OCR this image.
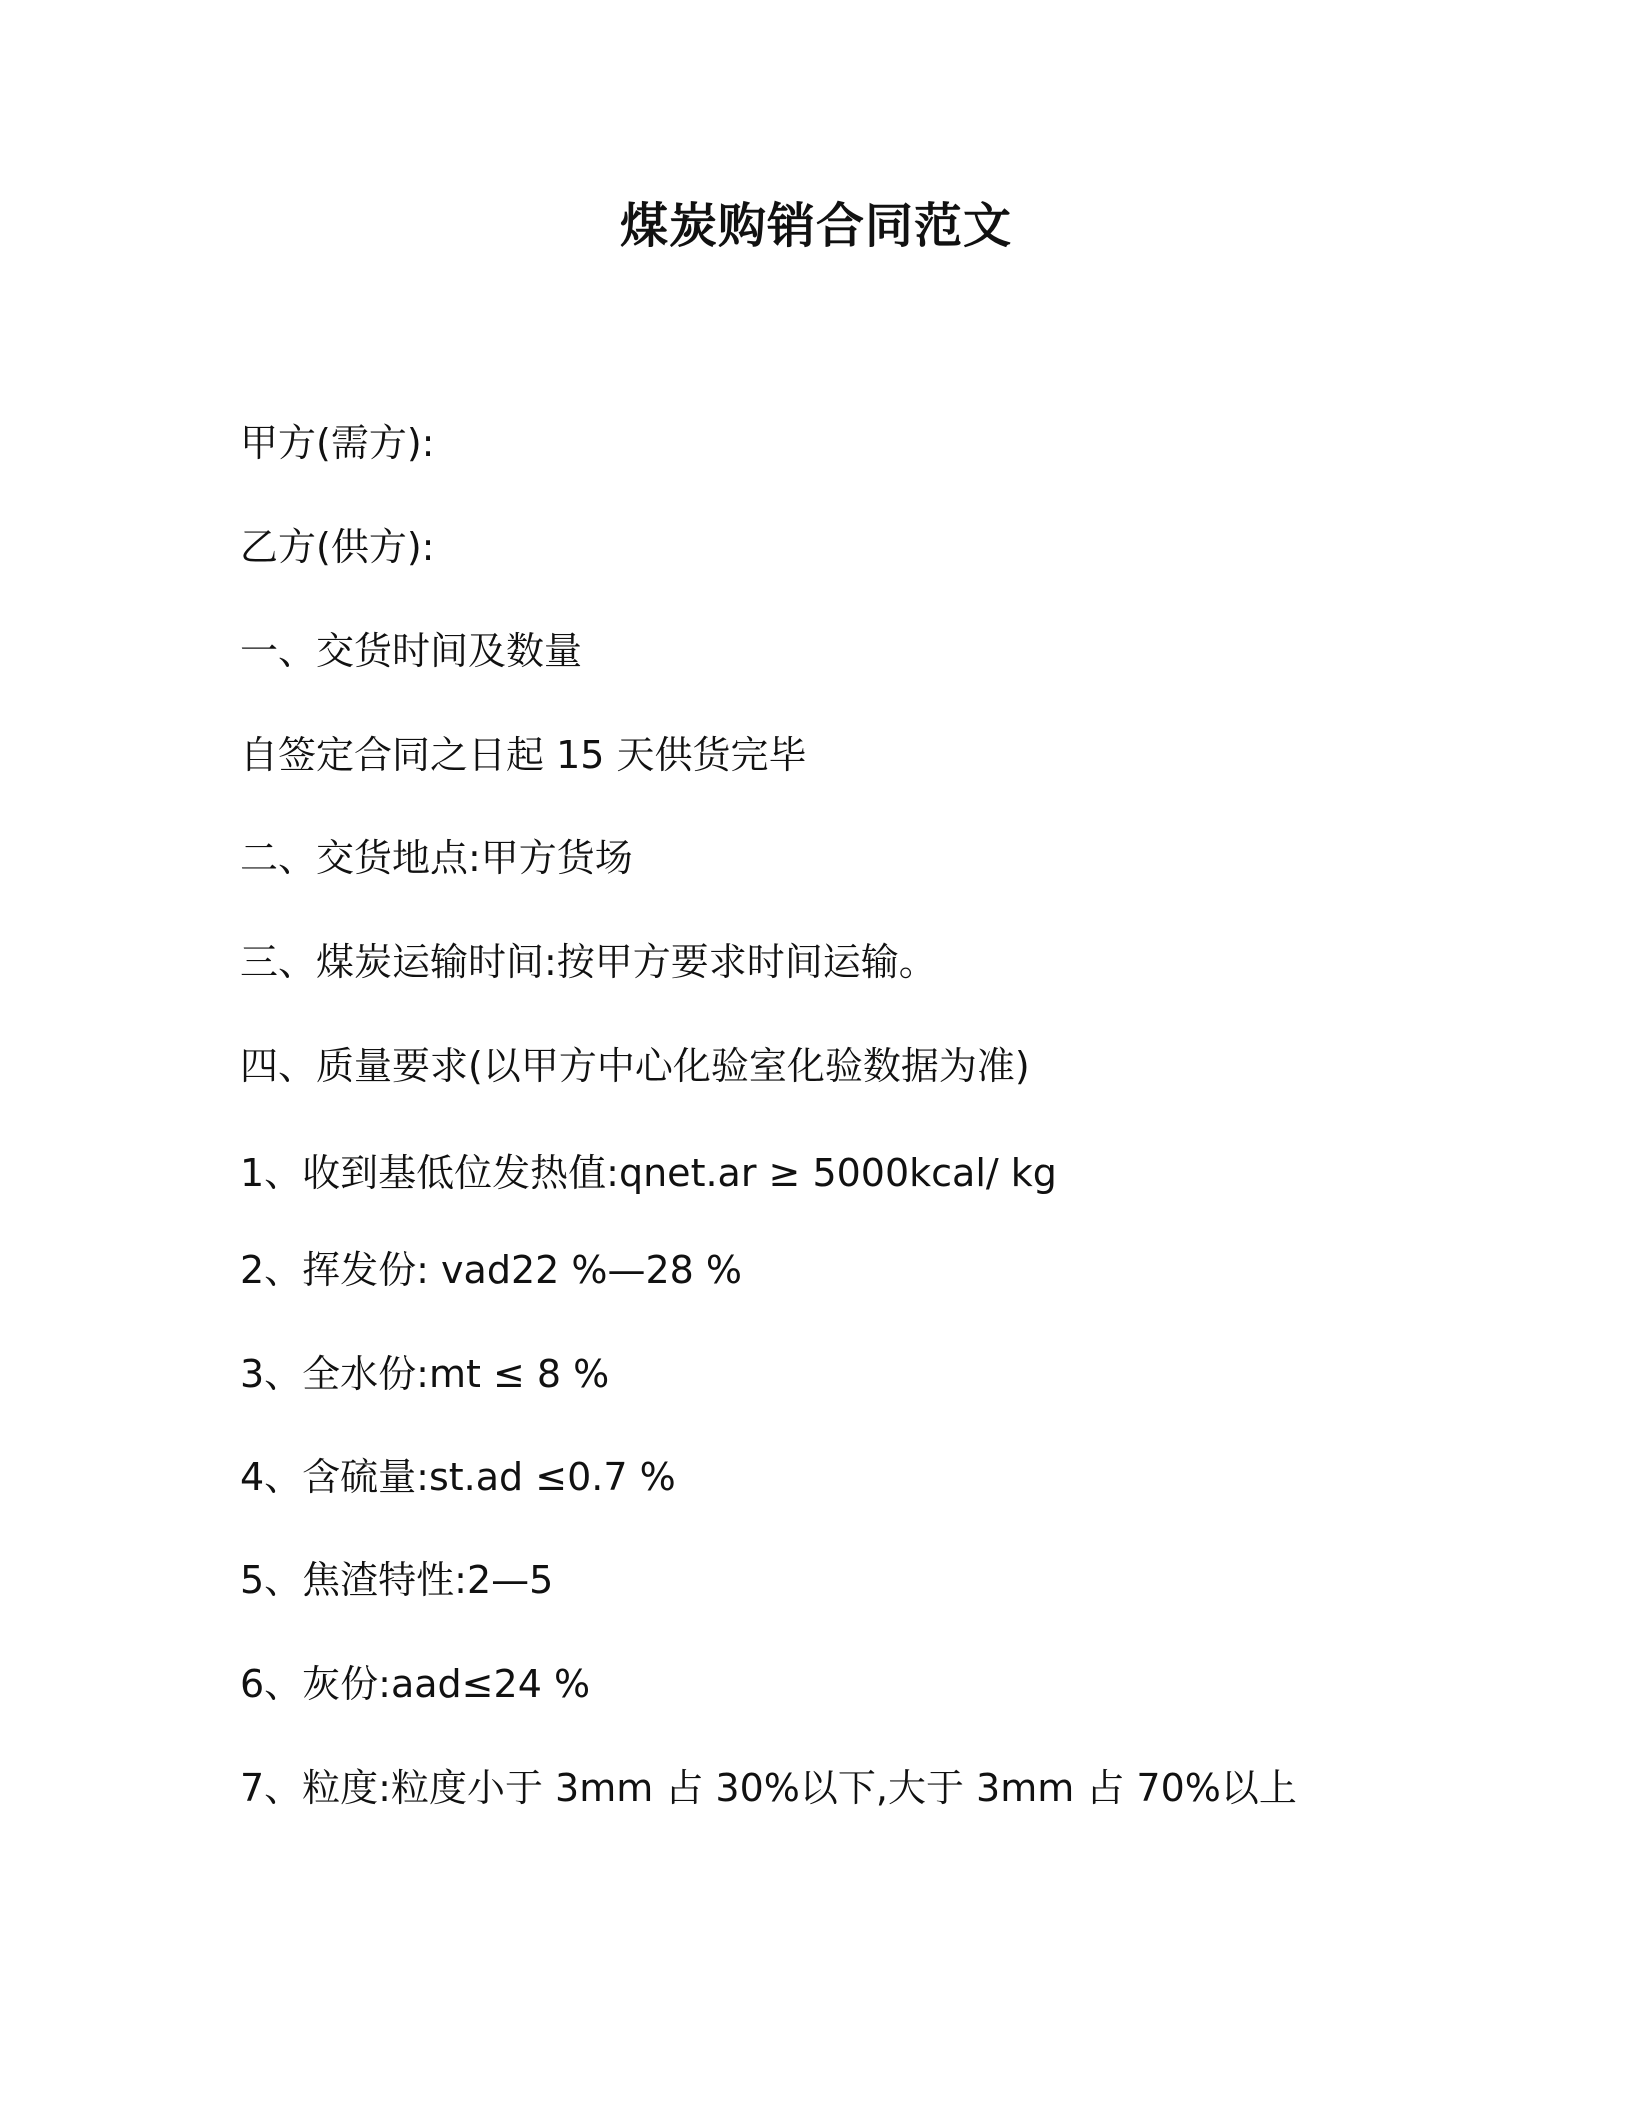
煤炭购销合同范文
甲方(需方):
乙方(供方):
一、交货时间及数量
自签定合同之日起 15 天供货完毕
二、交货地点:甲方货场
三、煤炭运输时间:按甲方要求时间运输。
四、质量要求(以甲方中心化验室化验数据为准)
1、收到基低位发热值:qnet.ar ≥ 5000kcal/ kg
2、挥发份: vad22 %—28 %
3、全水份:mt ≤ 8 %
4、含硫量:st.ad ≤0.7 %
5、焦渣特性:2—5
6、灰份:aad≤24 %
7、粒度:粒度小于 3mm 占 30%以下,大于 3mm 占 70%以上
